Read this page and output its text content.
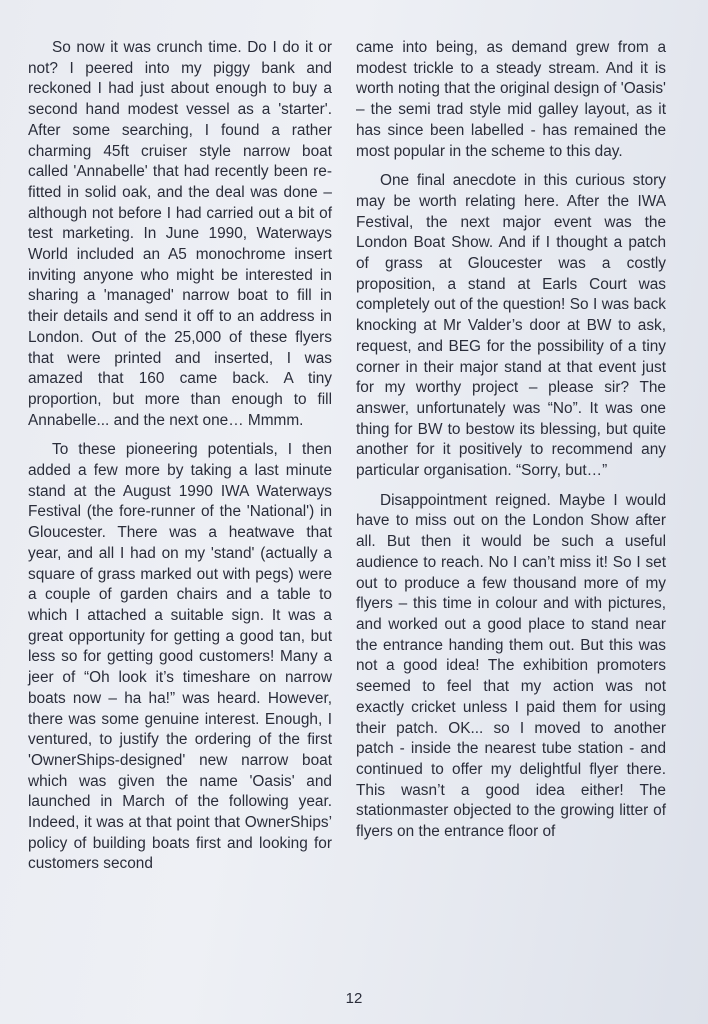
So now it was crunch time. Do I do it or not? I peered into my piggy bank and reckoned I had just about enough to buy a second hand modest vessel as a 'starter'. After some searching, I found a rather charming 45ft cruiser style narrow boat called 'Annabelle' that had recently been re-fitted in solid oak, and the deal was done – although not before I had carried out a bit of test marketing. In June 1990, Waterways World included an A5 monochrome insert inviting anyone who might be interested in sharing a 'managed' narrow boat to fill in their details and send it off to an address in London. Out of the 25,000 of these flyers that were printed and inserted, I was amazed that 160 came back. A tiny proportion, but more than enough to fill Annabelle... and the next one… Mmmm.

To these pioneering potentials, I then added a few more by taking a last minute stand at the August 1990 IWA Waterways Festival (the fore-runner of the 'National') in Gloucester. There was a heatwave that year, and all I had on my 'stand' (actually a square of grass marked out with pegs) were a couple of garden chairs and a table to which I attached a suitable sign. It was a great opportunity for getting a good tan, but less so for getting good customers! Many a jeer of “Oh look it’s timeshare on narrow boats now – ha ha!” was heard. However, there was some genuine interest. Enough, I ventured, to justify the ordering of the first 'OwnerShips-designed' new narrow boat which was given the name 'Oasis' and launched in March of the following year. Indeed, it was at that point that OwnerShips’ policy of building boats first and looking for customers second

came into being, as demand grew from a modest trickle to a steady stream. And it is worth noting that the original design of 'Oasis' – the semi trad style mid galley layout, as it has since been labelled - has remained the most popular in the scheme to this day.

One final anecdote in this curious story may be worth relating here. After the IWA Festival, the next major event was the London Boat Show. And if I thought a patch of grass at Gloucester was a costly proposition, a stand at Earls Court was completely out of the question! So I was back knocking at Mr Valder’s door at BW to ask, request, and BEG for the possibility of a tiny corner in their major stand at that event just for my worthy project – please sir? The answer, unfortunately was “No”. It was one thing for BW to bestow its blessing, but quite another for it positively to recommend any particular organisation. “Sorry, but…”

Disappointment reigned. Maybe I would have to miss out on the London Show after all. But then it would be such a useful audience to reach. No I can’t miss it! So I set out to produce a few thousand more of my flyers – this time in colour and with pictures, and worked out a good place to stand near the entrance handing them out. But this was not a good idea! The exhibition promoters seemed to feel that my action was not exactly cricket unless I paid them for using their patch. OK... so I moved to another patch - inside the nearest tube station - and continued to offer my delightful flyer there. This wasn’t a good idea either! The stationmaster objected to the growing litter of flyers on the entrance floor of

12
